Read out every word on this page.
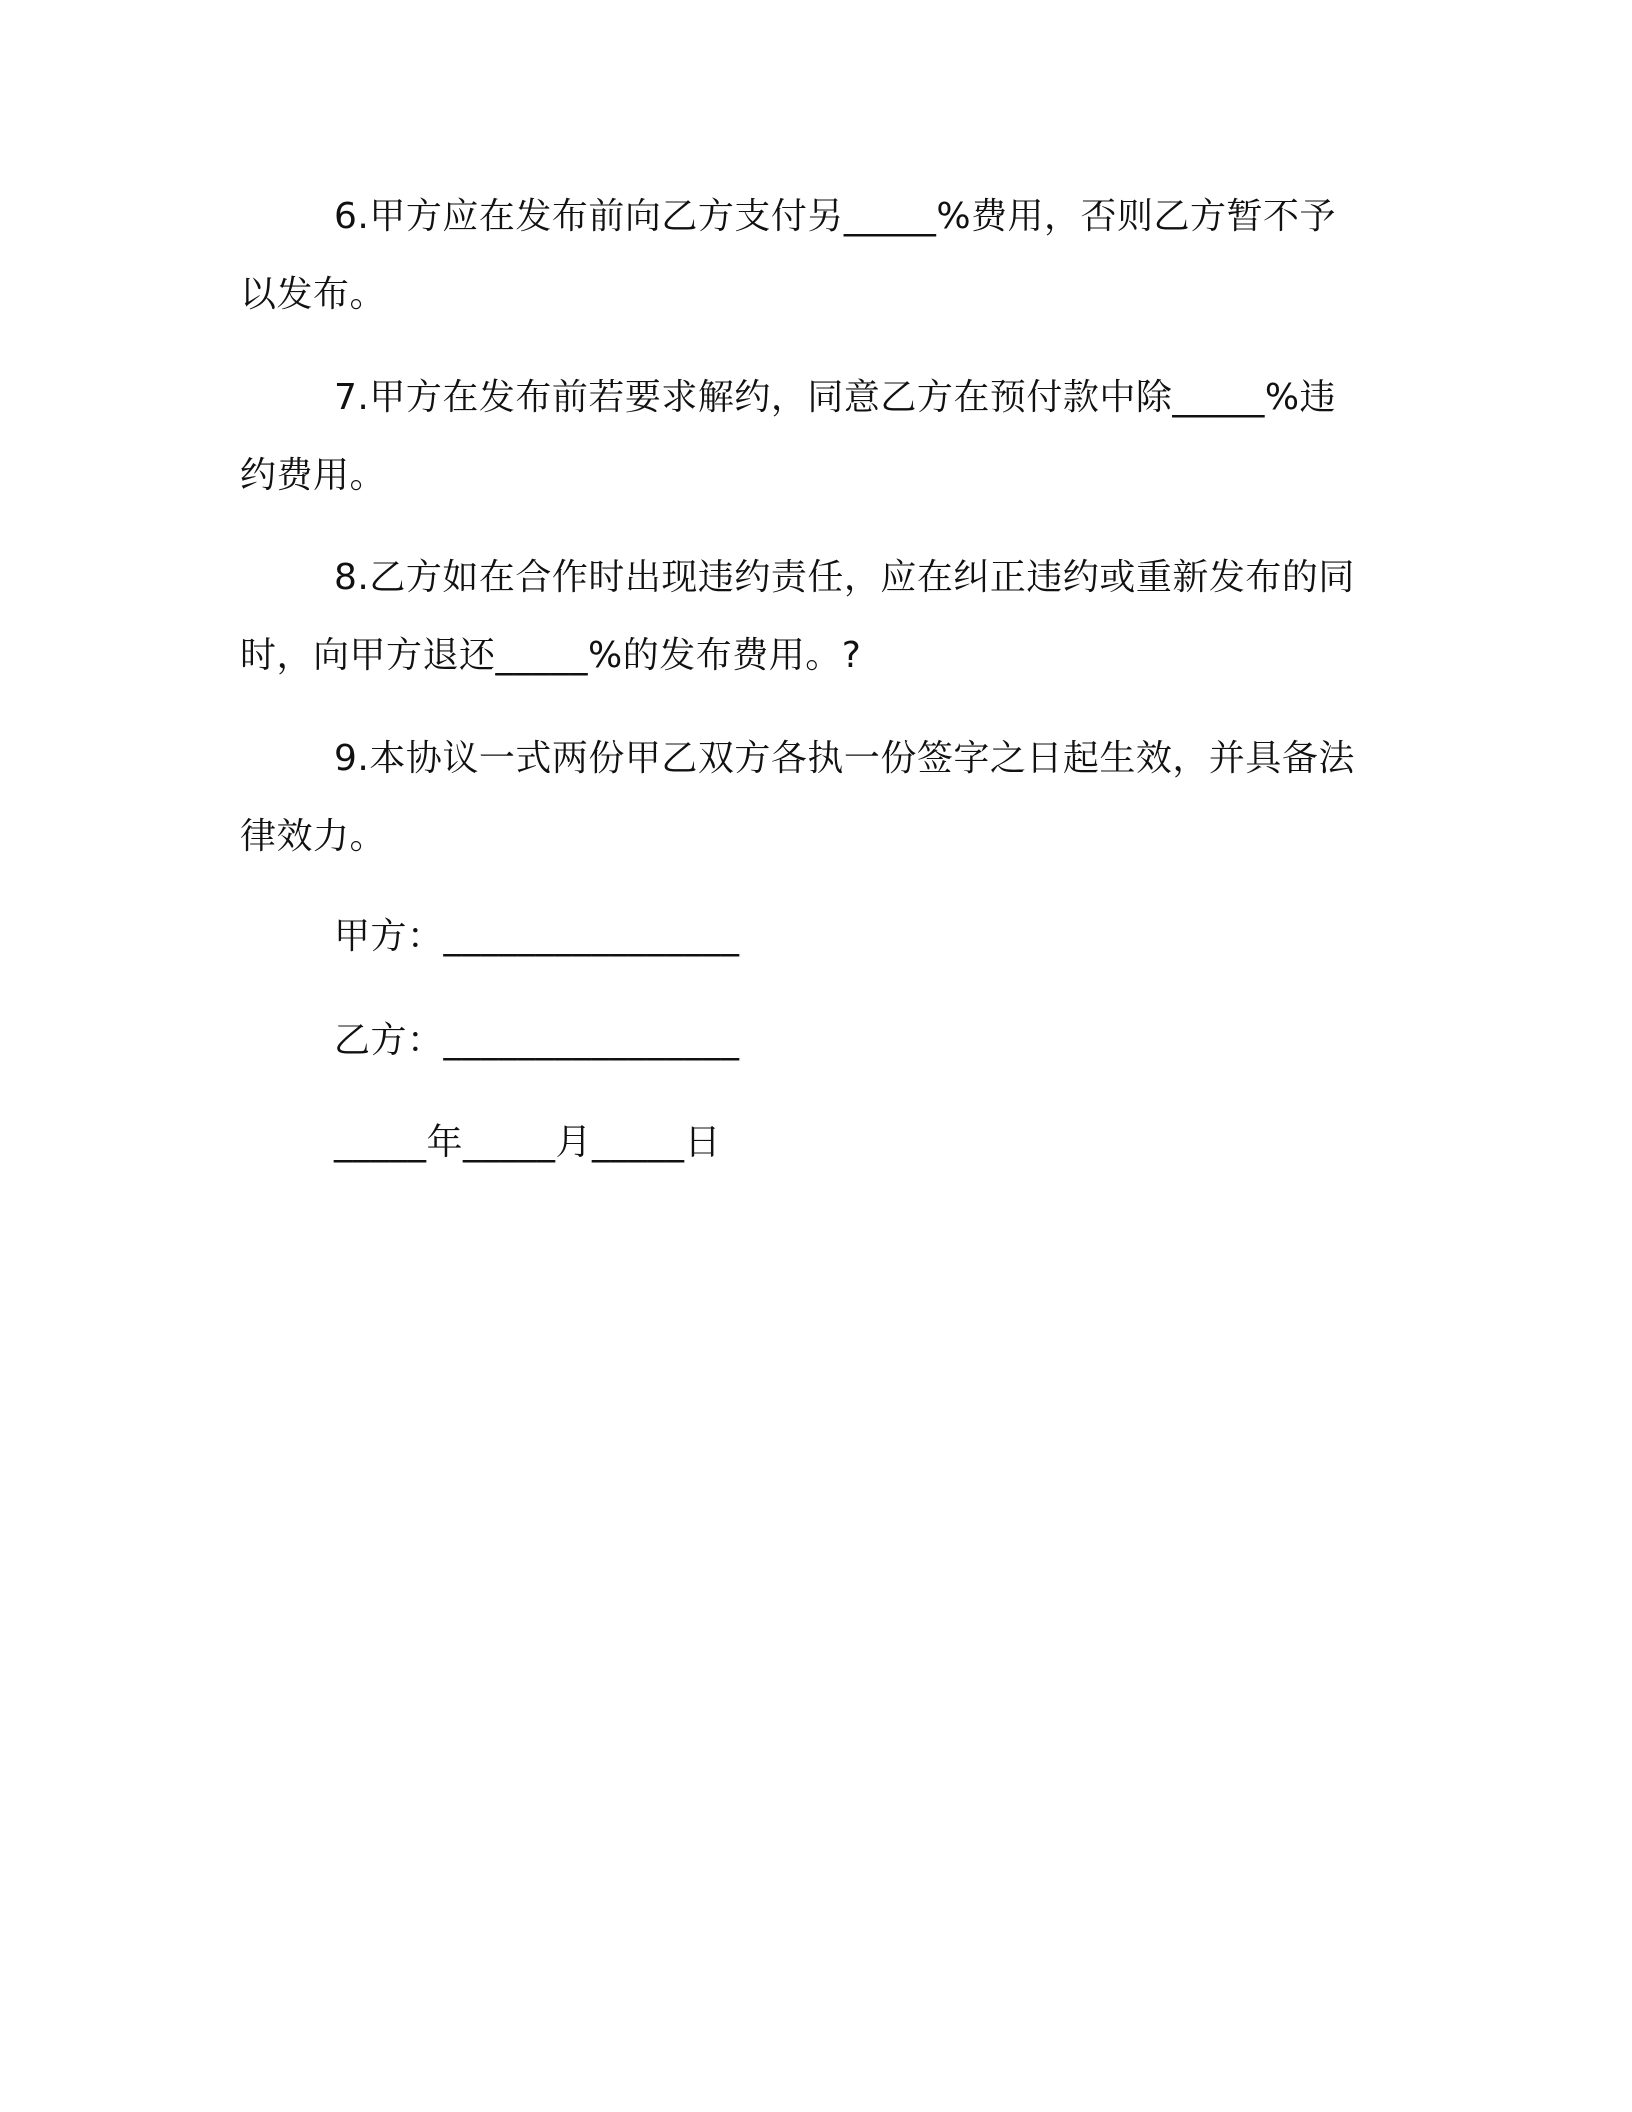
6.甲方应在发布前向乙方支付另_____%费用，否则乙方暂不予
以发布。

7.甲方在发布前若要求解约，同意乙方在预付款中除_____%违
约费用。

8.乙方如在合作时出现违约责任，应在纠正违约或重新发布的同
时，向甲方退还_____%的发布费用。?

9.本协议一式两份甲乙双方各执一份签字之日起生效，并具备法
律效力。

甲方：________________

乙方：________________

_____年_____月_____日
